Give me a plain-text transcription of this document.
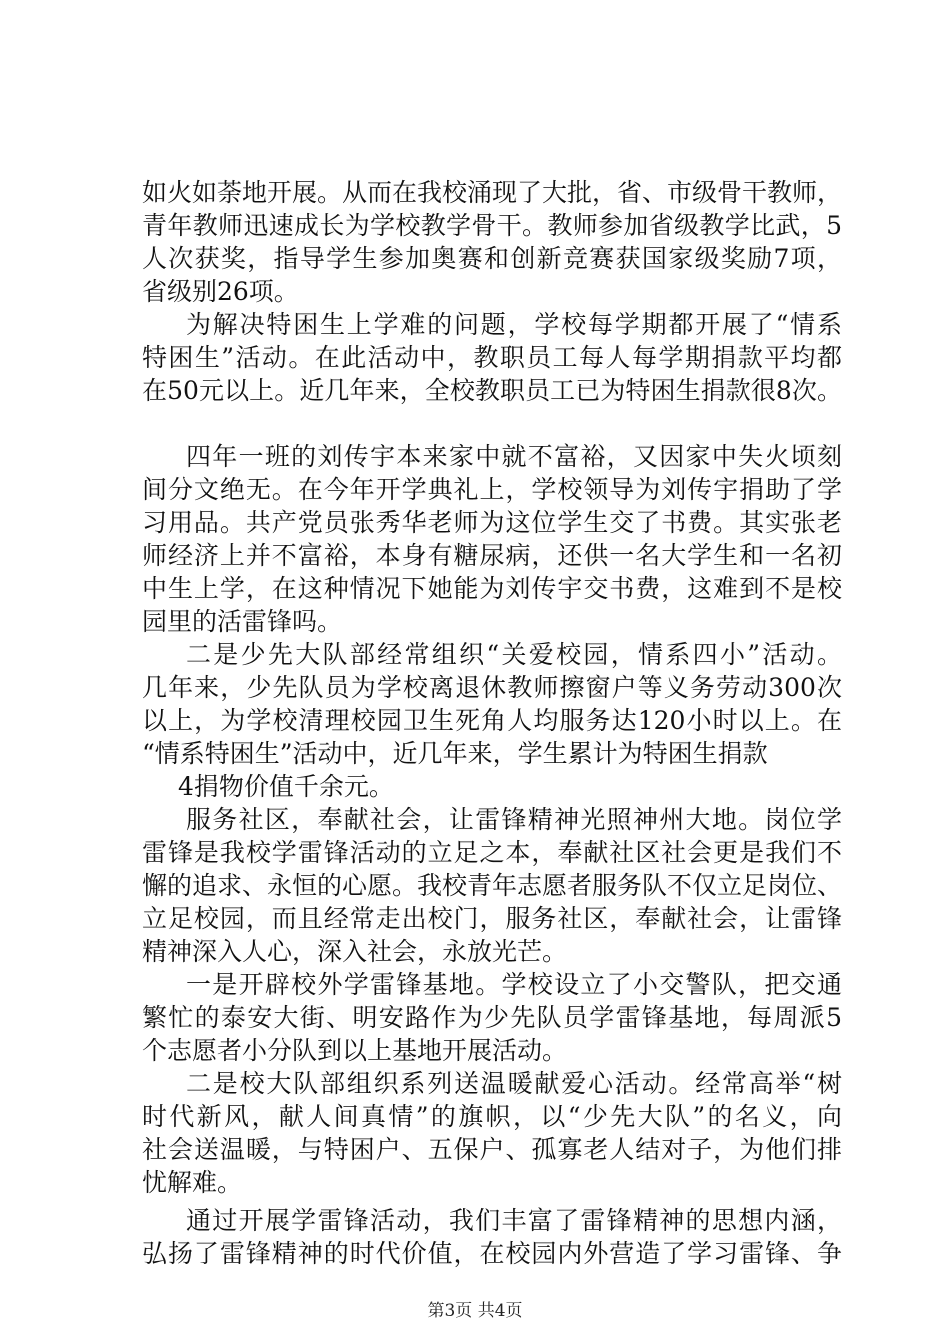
如火如荼地开展。从而在我校涌现了大批，省、市级骨干教师，
青年教师迅速成长为学校教学骨干。教师参加省级教学比武，5
人次获奖，指导学生参加奥赛和创新竞赛获国家级奖励7项，
省级别26项。
为解决特困生上学难的问题，学校每学期都开展了“情系
特困生”活动。在此活动中，教职员工每人每学期捐款平均都
在50元以上。近几年来，全校教职员工已为特困生捐款很8次。
四年一班的刘传宇本来家中就不富裕，又因家中失火顷刻
间分文绝无。在今年开学典礼上，学校领导为刘传宇捐助了学
习用品。共产党员张秀华老师为这位学生交了书费。其实张老
师经济上并不富裕，本身有糖尿病，还供一名大学生和一名初
中生上学，在这种情况下她能为刘传宇交书费，这难到不是校
园里的活雷锋吗。
二是少先大队部经常组织“关爱校园，情系四小”活动。
几年来，少先队员为学校离退休教师擦窗户等义务劳动300次
以上，为学校清理校园卫生死角人均服务达120小时以上。在
“情系特困生”活动中，近几年来，学生累计为特困生捐款
4捐物价值千余元。
服务社区，奉献社会，让雷锋精神光照神州大地。岗位学
雷锋是我校学雷锋活动的立足之本，奉献社区社会更是我们不
懈的追求、永恒的心愿。我校青年志愿者服务队不仅立足岗位、
立足校园，而且经常走出校门，服务社区，奉献社会，让雷锋
精神深入人心，深入社会，永放光芒。
一是开辟校外学雷锋基地。学校设立了小交警队，把交通
繁忙的泰安大街、明安路作为少先队员学雷锋基地，每周派5
个志愿者小分队到以上基地开展活动。
二是校大队部组织系列送温暖献爱心活动。经常高举“树
时代新风，献人间真情”的旗帜，以“少先大队”的名义，向
社会送温暖，与特困户、五保户、孤寡老人结对子，为他们排
忧解难。
通过开展学雷锋活动，我们丰富了雷锋精神的思想内涵，
弘扬了雷锋精神的时代价值，在校园内外营造了学习雷锋、争
第3页 共4页
